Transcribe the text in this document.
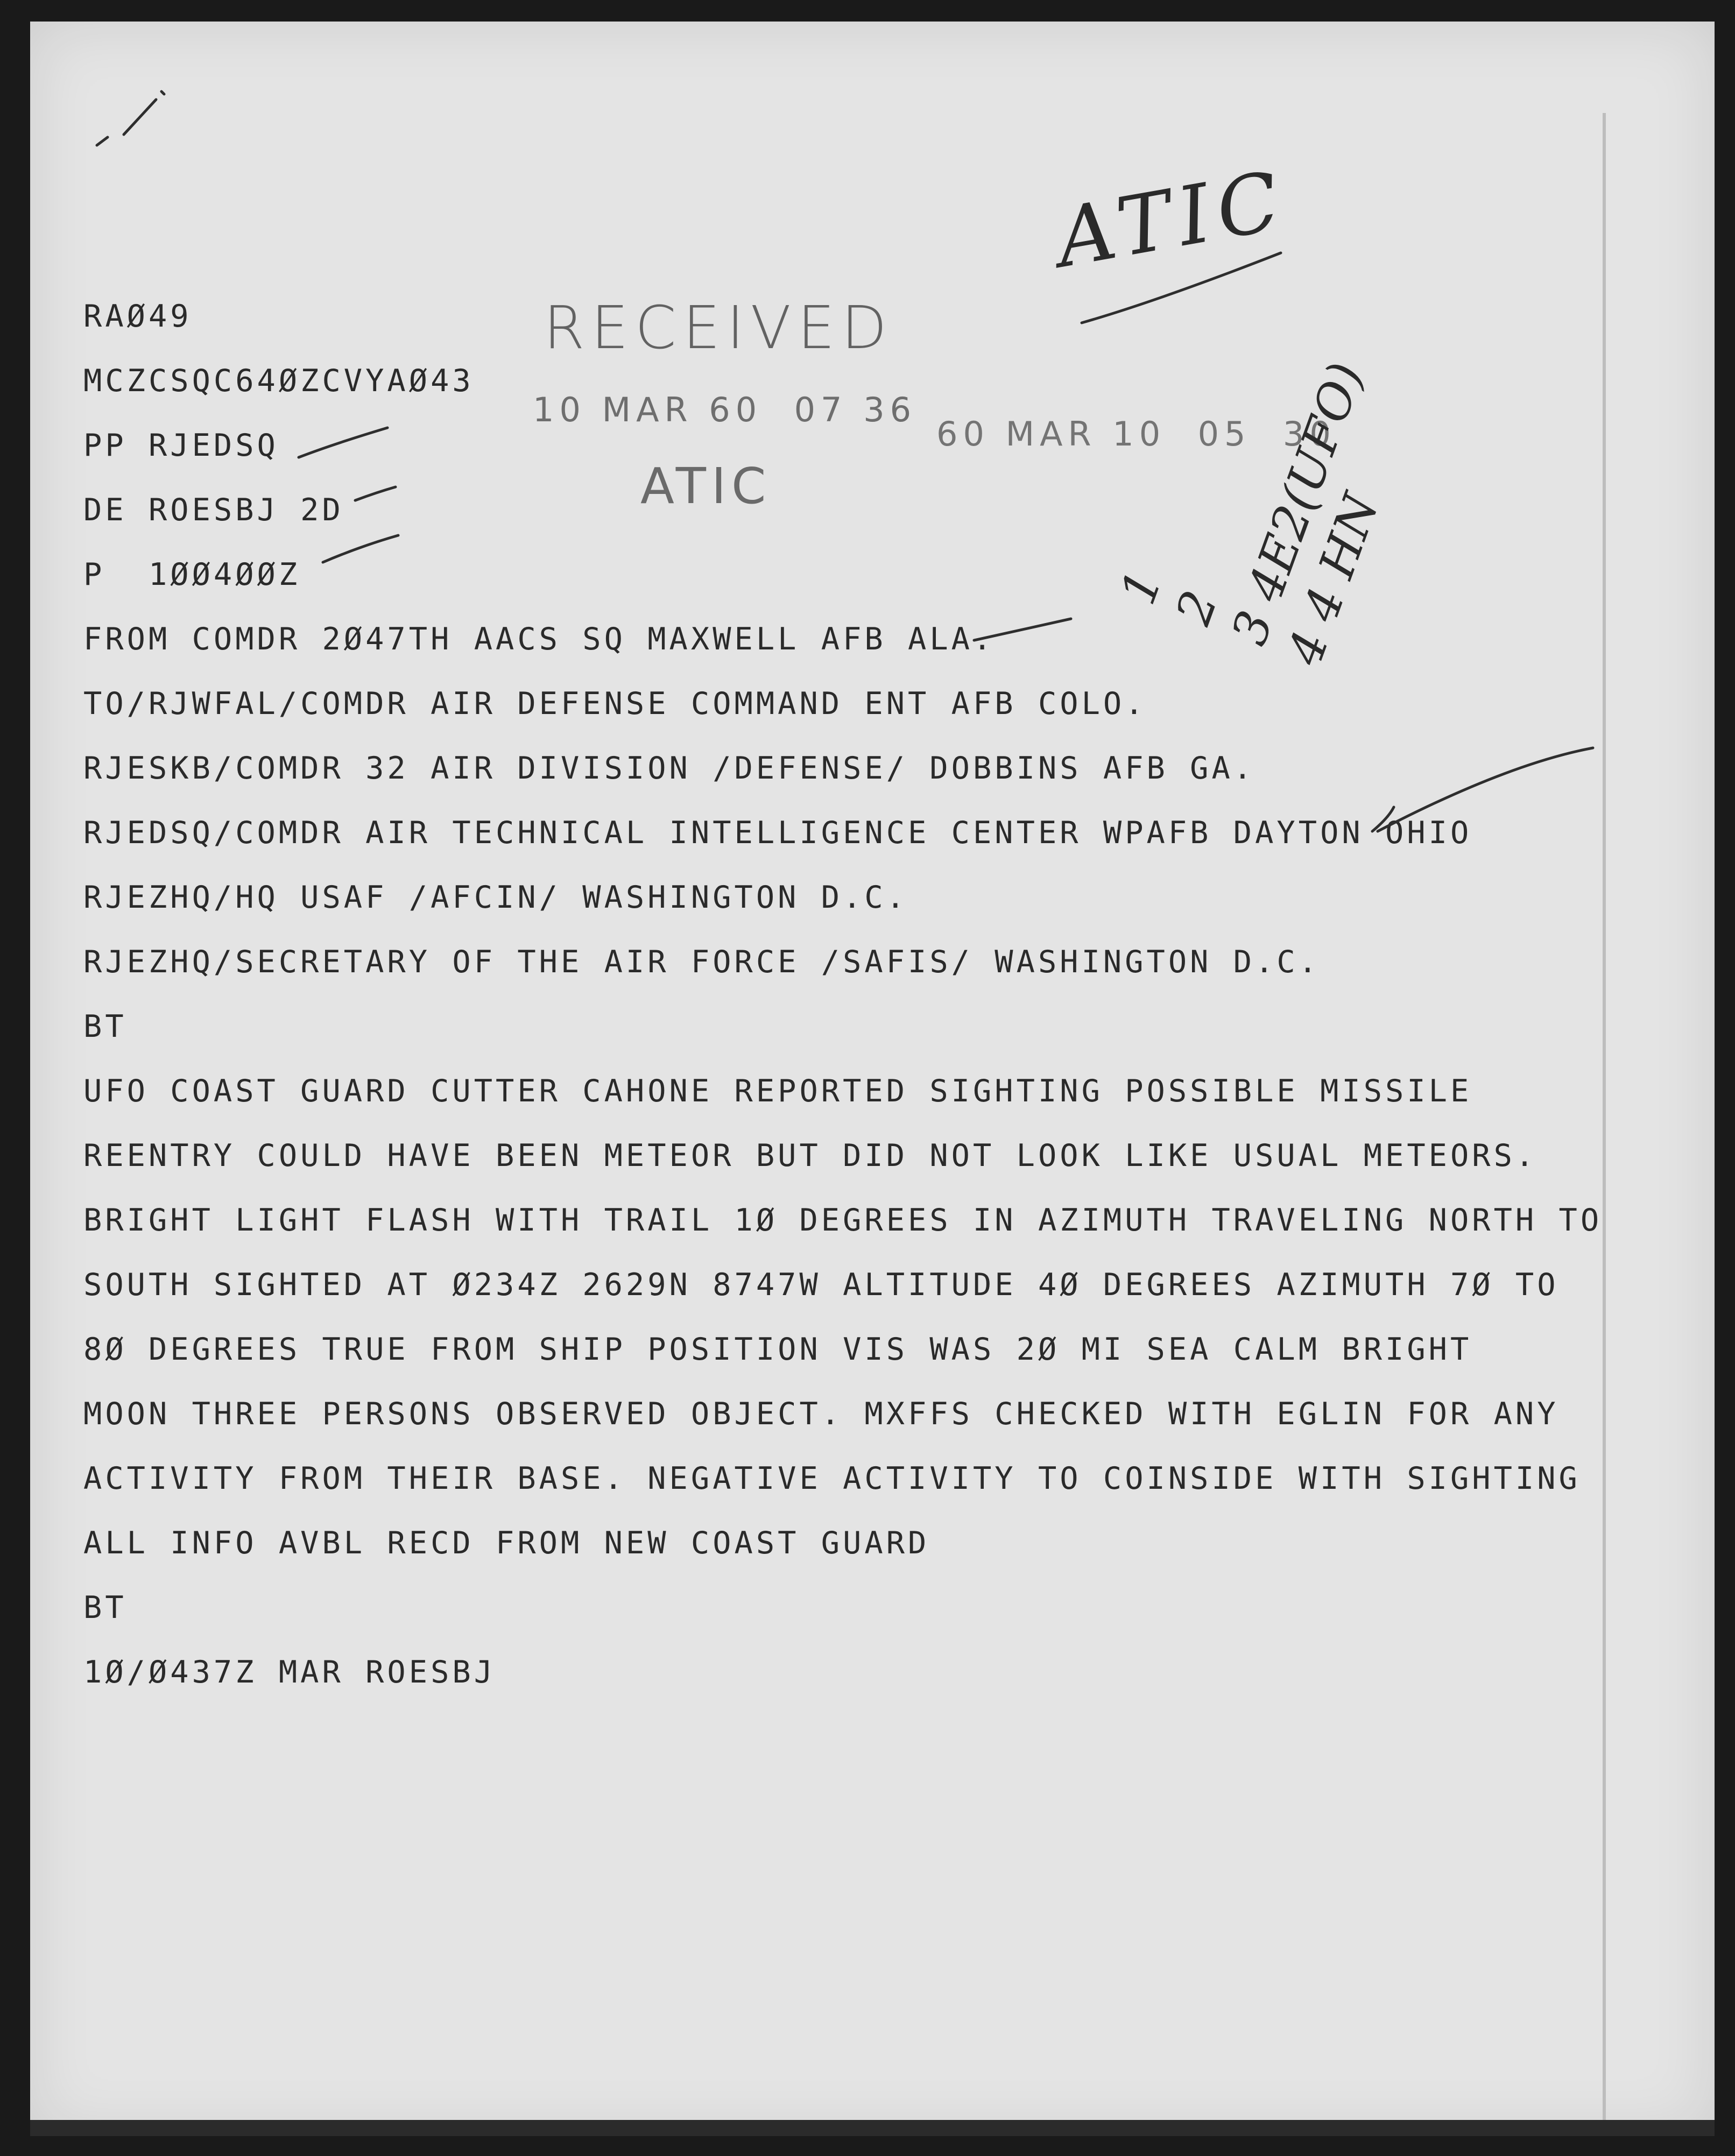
RAØ49

MCZCSQC64ØZCVYAØ43

PP RJEDSQ

DE ROESBJ 2D

P  1ØØ4ØØZ

FROM COMDR 2Ø47TH AACS SQ MAXWELL AFB ALA.

TO/RJWFAL/COMDR AIR DEFENSE COMMAND ENT AFB COLO.

RJESKB/COMDR 32 AIR DIVISION /DEFENSE/ DOBBINS AFB GA.

RJEDSQ/COMDR AIR TECHNICAL INTELLIGENCE CENTER WPAFB DAYTON OHIO

RJEZHQ/HQ USAF /AFCIN/ WASHINGTON D.C.

RJEZHQ/SECRETARY OF THE AIR FORCE /SAFIS/ WASHINGTON D.C.

BT

UFO COAST GUARD CUTTER CAHONE REPORTED SIGHTING POSSIBLE MISSILE

REENTRY COULD HAVE BEEN METEOR BUT DID NOT LOOK LIKE USUAL METEORS.

BRIGHT LIGHT FLASH WITH TRAIL 1Ø DEGREES IN AZIMUTH TRAVELING NORTH TO

SOUTH SIGHTED AT Ø234Z 2629N 8747W ALTITUDE 4Ø DEGREES AZIMUTH 7Ø TO

8Ø DEGREES TRUE FROM SHIP POSITION VIS WAS 2Ø MI SEA CALM BRIGHT

MOON THREE PERSONS OBSERVED OBJECT. MXFFS CHECKED WITH EGLIN FOR ANY

ACTIVITY FROM THEIR BASE. NEGATIVE ACTIVITY TO COINSIDE WITH SIGHTING

ALL INFO AVBL RECD FROM NEW COAST GUARD

BT

1Ø/Ø437Z MAR ROESBJ

RECEIVED

10 MAR 60  07 36

ATIC

60 MAR 10  05  30

ATIC

1
2
3 4E2(UFO)
4 4 HN
